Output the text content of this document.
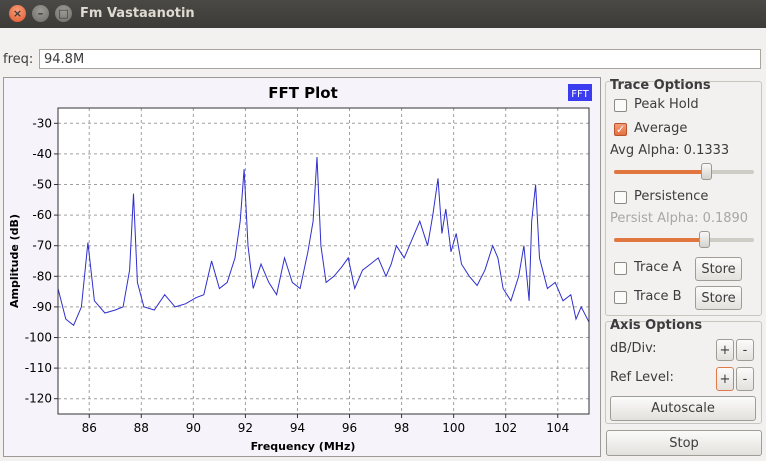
×	–	□ Fm Vastaanotin
freq:
94.8M
-30
-40
-50
-60
-70
-80
-90
-100
-110
-120
86	88	90	92	94	96	98	100 102 104
FFT Plot	FFT
Frequency (MHz)
Amplitude (dB)
Trace Options
Peak Hold
✓ Average
Avg Alpha: 0.1333
Persistence
Persist Alpha: 0.1890
Trace A	Store
Trace B	Store
Axis Options
dB/Div:	+ -
Ref Level:	+ -
Autoscale
Stop
